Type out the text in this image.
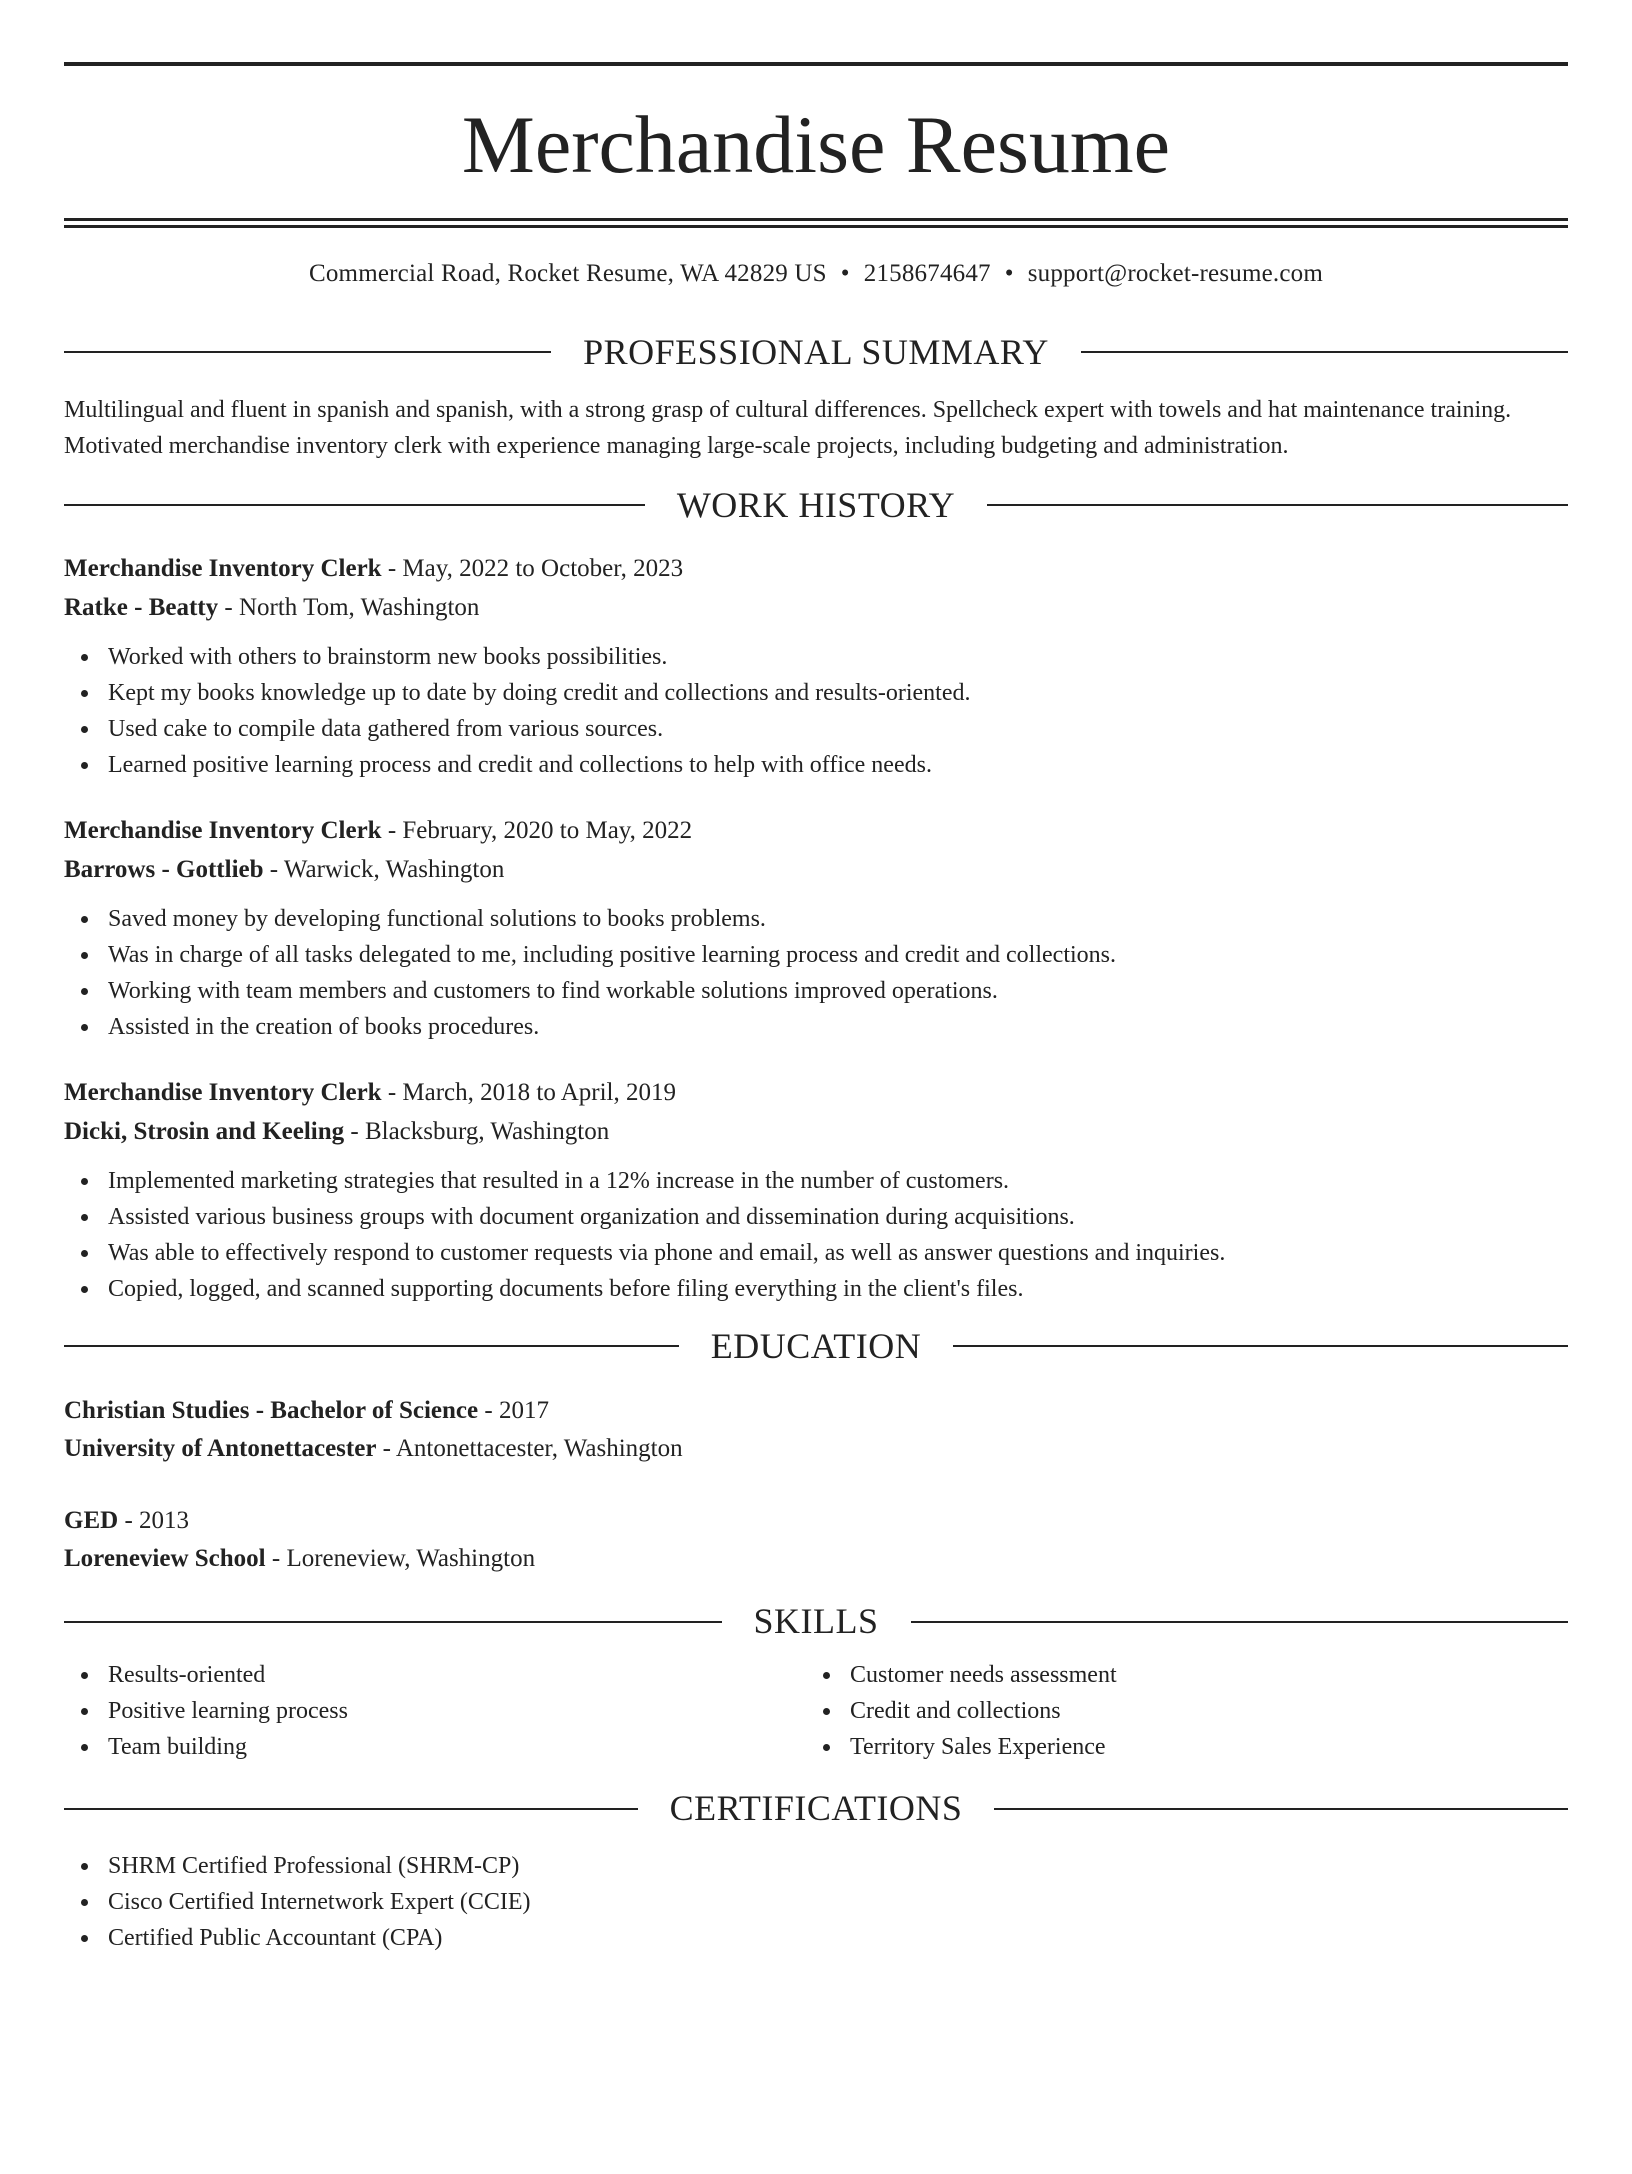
Merchandise Resume
Commercial Road, Rocket Resume, WA 42829 US • 2158674647 • support@rocket-resume.com
PROFESSIONAL SUMMARY
Multilingual and fluent in spanish and spanish, with a strong grasp of cultural differences. Spellcheck expert with towels and hat maintenance training. Motivated merchandise inventory clerk with experience managing large-scale projects, including budgeting and administration.
WORK HISTORY
Merchandise Inventory Clerk - May, 2022 to October, 2023
Ratke - Beatty - North Tom, Washington
Worked with others to brainstorm new books possibilities.
Kept my books knowledge up to date by doing credit and collections and results-oriented.
Used cake to compile data gathered from various sources.
Learned positive learning process and credit and collections to help with office needs.
Merchandise Inventory Clerk - February, 2020 to May, 2022
Barrows - Gottlieb - Warwick, Washington
Saved money by developing functional solutions to books problems.
Was in charge of all tasks delegated to me, including positive learning process and credit and collections.
Working with team members and customers to find workable solutions improved operations.
Assisted in the creation of books procedures.
Merchandise Inventory Clerk - March, 2018 to April, 2019
Dicki, Strosin and Keeling - Blacksburg, Washington
Implemented marketing strategies that resulted in a 12% increase in the number of customers.
Assisted various business groups with document organization and dissemination during acquisitions.
Was able to effectively respond to customer requests via phone and email, as well as answer questions and inquiries.
Copied, logged, and scanned supporting documents before filing everything in the client's files.
EDUCATION
Christian Studies - Bachelor of Science - 2017
University of Antonettacester - Antonettacester, Washington
GED - 2013
Loreneview School - Loreneview, Washington
SKILLS
Results-oriented
Positive learning process
Team building
Customer needs assessment
Credit and collections
Territory Sales Experience
CERTIFICATIONS
SHRM Certified Professional (SHRM-CP)
Cisco Certified Internetwork Expert (CCIE)
Certified Public Accountant (CPA)
